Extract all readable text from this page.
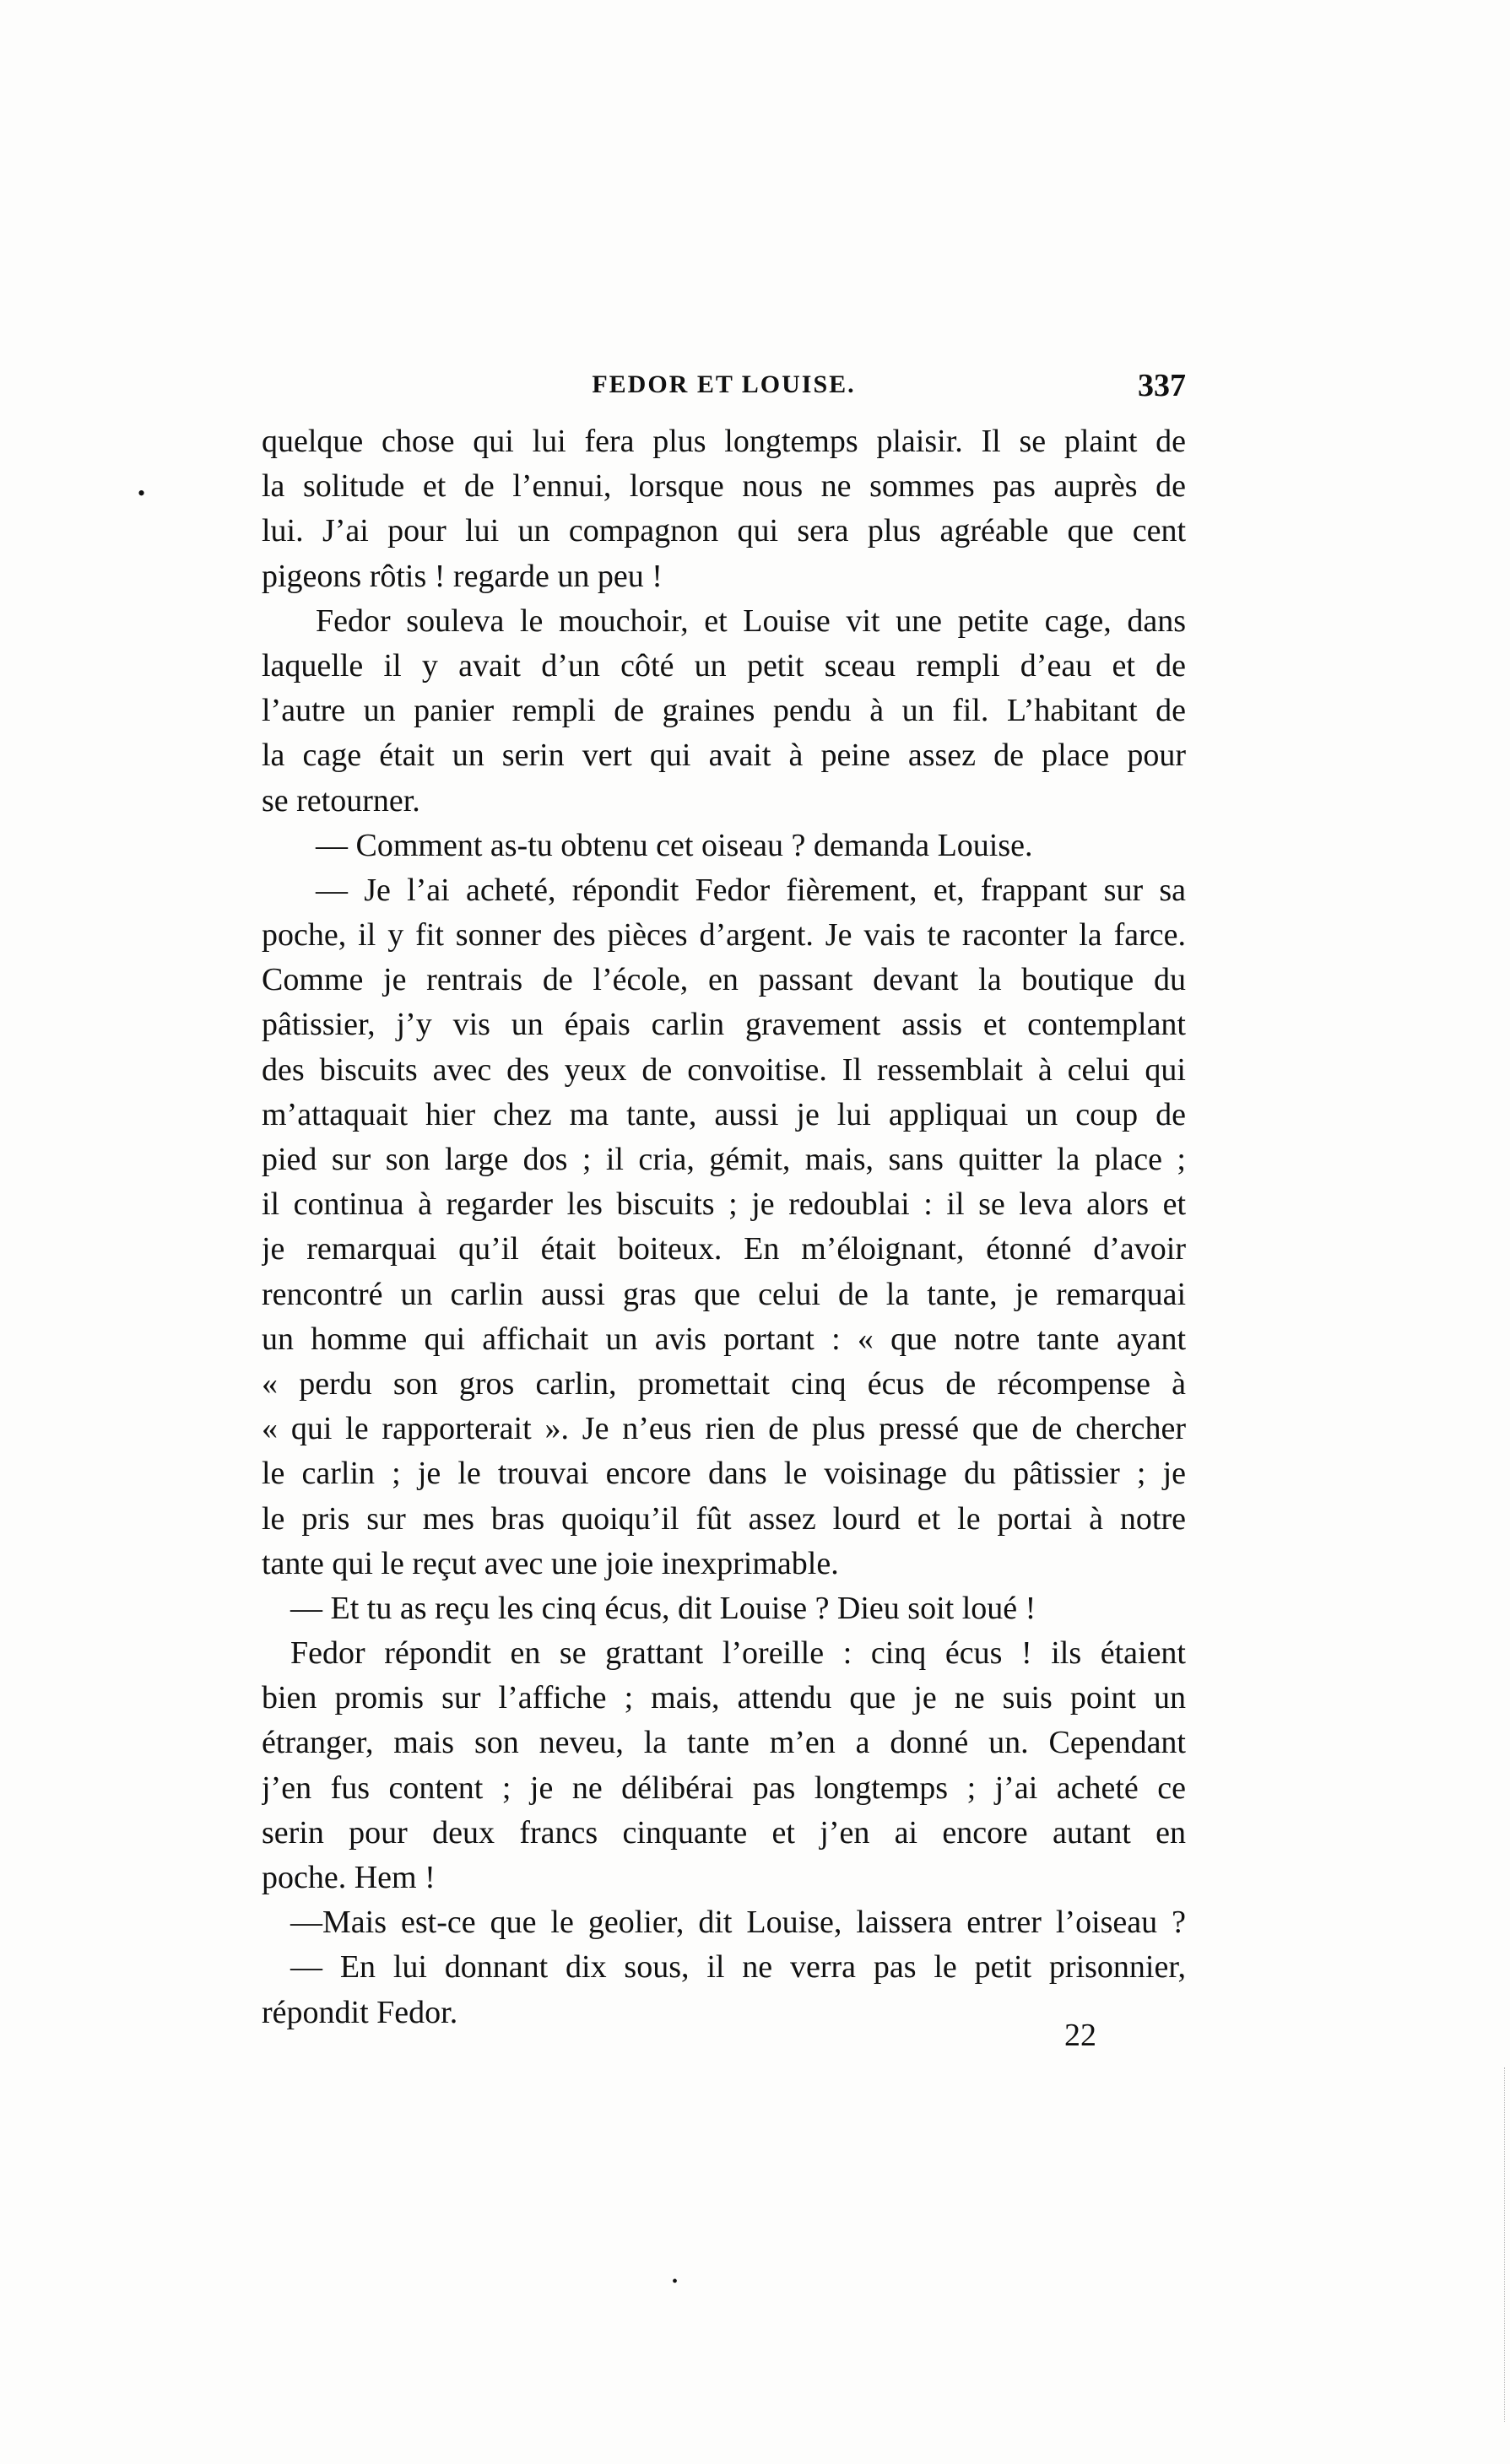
FEDOR ET LOUISE.	337
•
quelque chose qui lui fera plus longtemps plaisir. Il se plaint de
la solitude et de l’ennui, lorsque nous ne sommes pas auprès de
lui. J’ai pour lui un compagnon qui sera plus agréable que cent
pigeons rôtis ! regarde un peu !
Fedor souleva le mouchoir, et Louise vit une petite cage, dans
laquelle il y avait d’un côté un petit sceau rempli d’eau et de
l’autre un panier rempli de graines pendu à un fil. L’habitant de
la cage était un serin vert qui avait à peine assez de place pour
se retourner.
— Comment as-tu obtenu cet oiseau ? demanda Louise.
— Je l’ai acheté, répondit Fedor fièrement, et, frappant sur sa
poche, il y fit sonner des pièces d’argent. Je vais te raconter la farce.
Comme je rentrais de l’école, en passant devant la boutique du
pâtissier, j’y vis un épais carlin gravement assis et contemplant
des biscuits avec des yeux de convoitise. Il ressemblait à celui qui
m’attaquait hier chez ma tante, aussi je lui appliquai un coup de
pied sur son large dos ; il cria, gémit, mais, sans quitter la place ;
il continua à regarder les biscuits ; je redoublai : il se leva alors et
je remarquai qu’il était boiteux. En m’éloignant, étonné d’avoir
rencontré un carlin aussi gras que celui de la tante, je remarquai
un homme qui affichait un avis portant : « que notre tante ayant
« perdu son gros carlin, promettait cinq écus de récompense à
« qui le rapporterait ». Je n’eus rien de plus pressé que de chercher
le carlin ; je le trouvai encore dans le voisinage du pâtissier ; je
le pris sur mes bras quoiqu’il fût assez lourd et le portai à notre
tante qui le reçut avec une joie inexprimable.
— Et tu as reçu les cinq écus, dit Louise ? Dieu soit loué !
Fedor répondit en se grattant l’oreille : cinq écus ! ils étaient
bien promis sur l’affiche ; mais, attendu que je ne suis point un
étranger, mais son neveu, la tante m’en a donné un. Cependant
j’en fus content ; je ne délibérai pas longtemps ; j’ai acheté ce
serin pour deux francs cinquante et j’en ai encore autant en
poche. Hem !
—Mais est-ce que le geolier, dit Louise, laissera entrer l’oiseau ?
— En lui donnant dix sous, il ne verra pas le petit prisonnier,
répondit Fedor.
22
•
